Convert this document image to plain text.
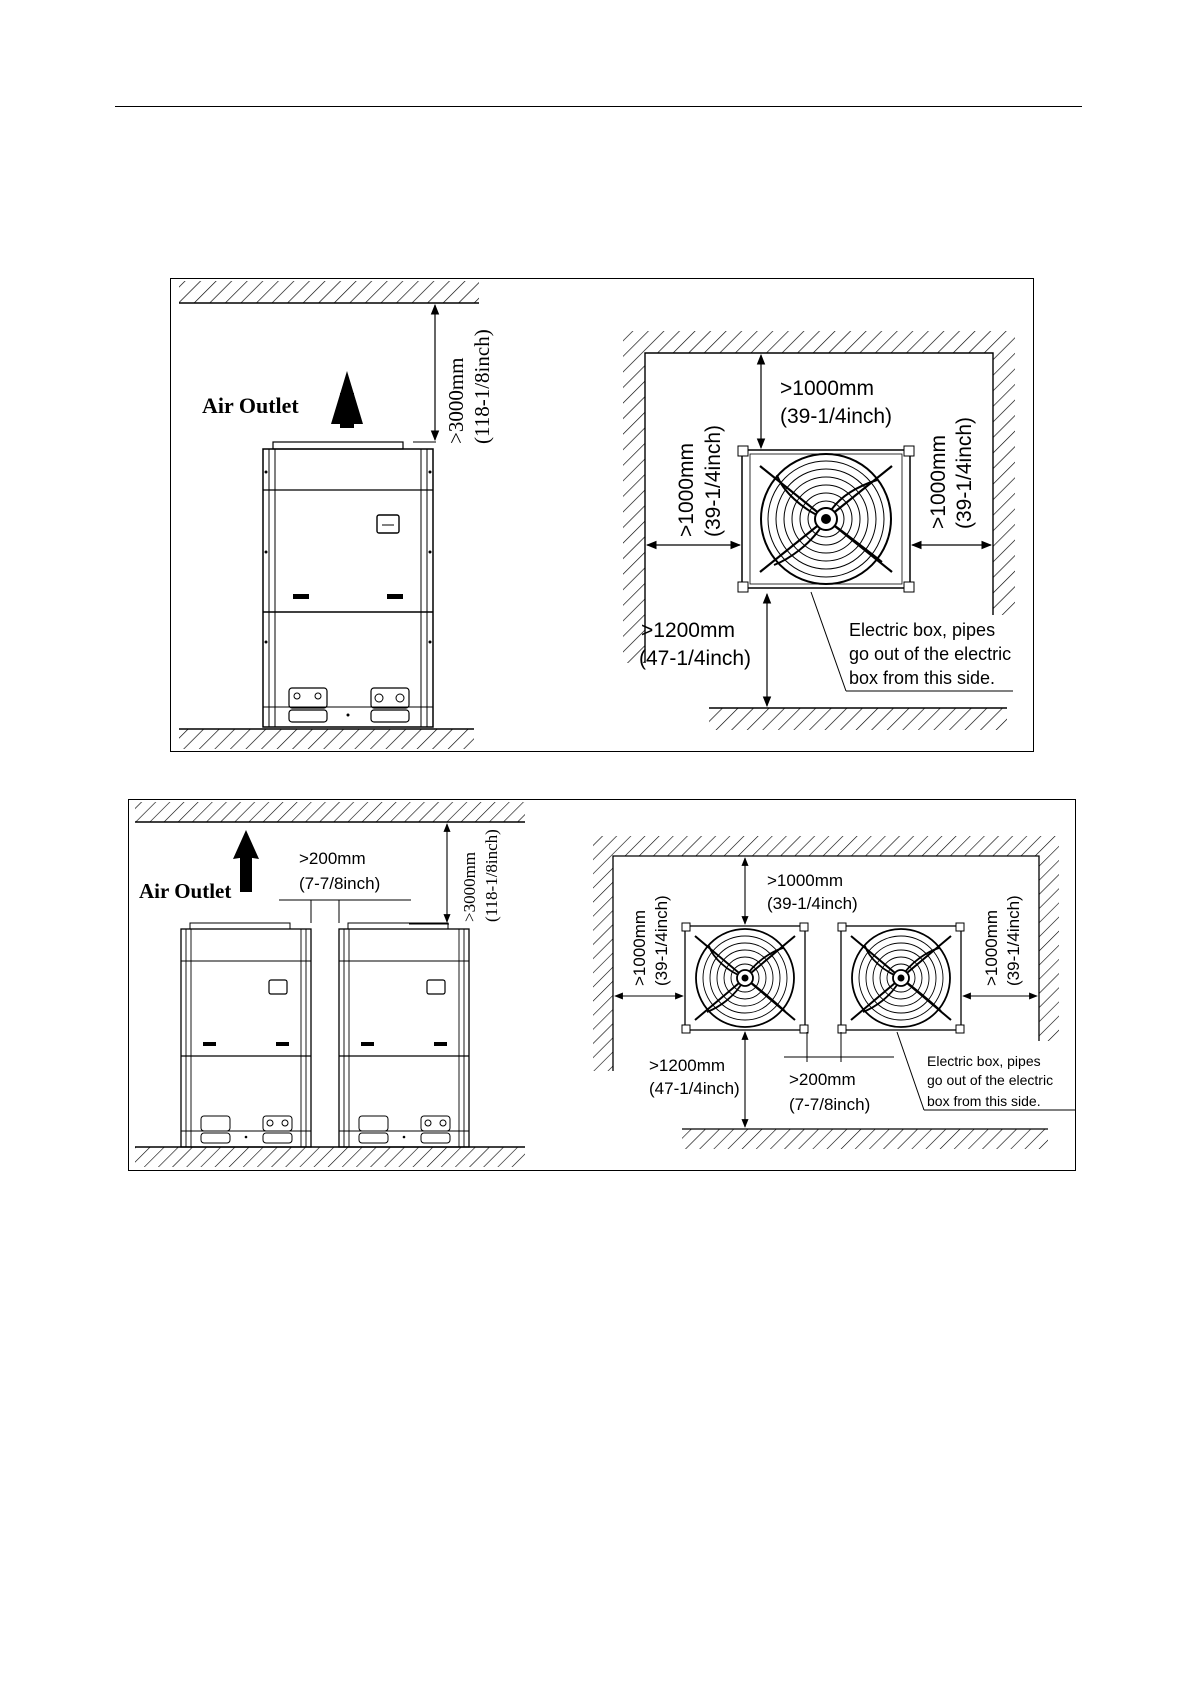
Air Outlet	>3000mm (118-1/8inch)	>1000mm
(39-1/4inch)
>1000mm (39-1/4inch)	>1000mm (39-1/4inch)
>1200mm
(47-1/4inch)
Electric box, pipes
go out of the electric
box from this side.
Air Outlet
>200mm
(7-7/8inch)	>3000mm (118-1/8inch)	>1000mm
(39-1/4inch)
>1000mm (39-1/4inch)	>1000mm (39-1/4inch)
>1200mm
(47-1/4inch)	>200mm
(7-7/8inch)
Electric box, pipes
go out of the electric
box from this side.
